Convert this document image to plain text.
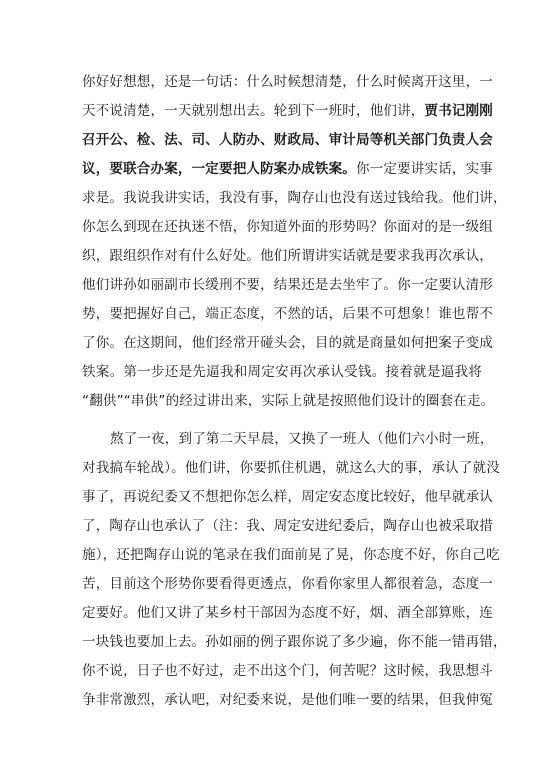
你好好想想，还是一句话：什么时候想清楚，什么时候离开这里，一
天不说清楚，一天就别想出去。轮到下一班时，他们讲，贾书记刚刚
召开公、检、法、司、人防办、财政局、审计局等机关部门负责人会
议，要联合办案，一定要把人防案办成铁案。你一定要讲实话，实事
求是。我说我讲实话，我没有事，陶存山也没有送过钱给我。他们讲，
你怎么到现在还执迷不悟，你知道外面的形势吗？你面对的是一级组
织，跟组织作对有什么好处。他们所谓讲实话就是要求我再次承认，
他们讲孙如丽副市长缓刑不要，结果还是去坐牢了。你一定要认清形
势，要把握好自己，端正态度，不然的话，后果不可想象！谁也帮不
了你。在这期间，他们经常开碰头会，目的就是商量如何把案子变成
铁案。第一步还是先逼我和周定安再次承认受钱。接着就是逼我将
“翻供”“串供”的经过讲出来，实际上就是按照他们设计的圈套在走。
熬了一夜，到了第二天早晨，又换了一班人（他们六小时一班，
对我搞车轮战）。他们讲，你要抓住机遇，就这么大的事，承认了就没
事了，再说纪委又不想把你怎么样，周定安态度比较好，他早就承认
了，陶存山也承认了（注：我、周定安进纪委后，陶存山也被采取措
施），还把陶存山说的笔录在我们面前晃了晃，你态度不好，你自己吃
苦，目前这个形势你要看得更透点，你看你家里人都很着急，态度一
定要好。他们又讲了某乡村干部因为态度不好，烟、酒全部算账，连
一块钱也要加上去。孙如丽的例子跟你说了多少遍，你不能一错再错，
你不说，日子也不好过，走不出这个门，何苦呢？这时候，我思想斗
争非常激烈，承认吧，对纪委来说，是他们唯一要的结果，但我伸冤
